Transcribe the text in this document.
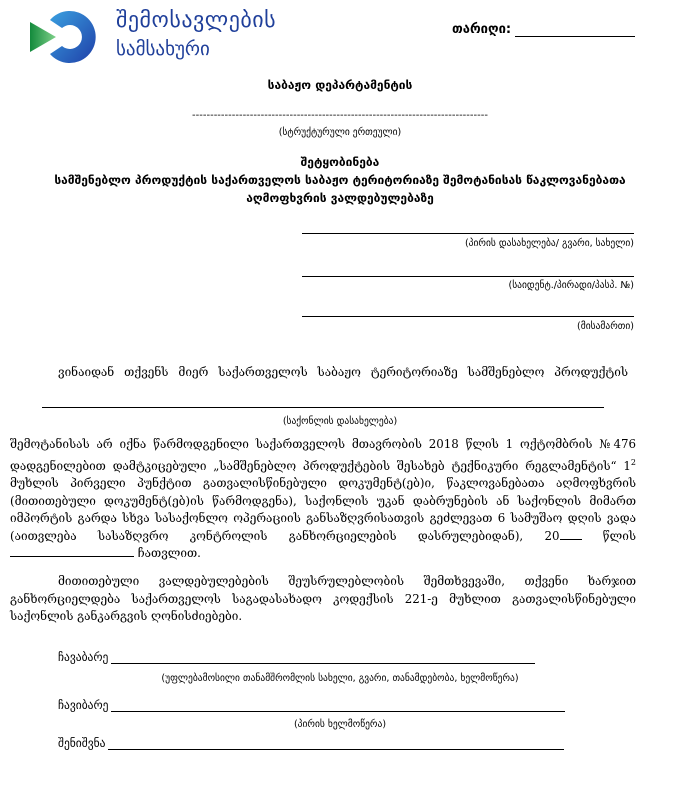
შემოსავლების
სამსახური
თარიღი:
საბაჟო დეპარტამენტის
----------------------------------------------------------------------------------
(სტრუქტურული ერთეული)
შეტყობინება
სამშენებლო პროდუქტის საქართველოს საბაჟო ტერიტორიაზე შემოტანისას წაკლოვანებათა
აღმოფხვრის ვალდებულებაზე
(პირის დასახელება/ გვარი, სახელი)
(საიდენტ./პირადი/პასპ. №)
(მისამართი)
ვინაიდან თქვენს მიერ საქართველოს საბაჟო ტერიტორიაზე სამშენებლო პროდუქტის
(საქონლის დასახელება)
შემოტანისას არ იქნა წარმოდგენილი საქართველოს მთავრობის 2018 წლის 1 ოქტომბრის №476 დადგენილებით დამტკიცებული „სამშენებლო პროდუქტების შესახებ ტექნიკური რეგლამენტის“ $1^2$ მუხლის პირველი პუნქტით გათვალისწინებული დოკუმენტ(ებ)ი, წაკლოვანებათა აღმოფხვრის (მითითებული დოკუმენტ(ებ)ის წარმოდგენა), საქონლის უკან დაბრუნების ან საქონლის მიმართ იმპორტის გარდა სხვა სასაქონლო ოპერაციის განსაზღვრისათვის გეძლევათ 6 სამუშაო დღის ვადა (აითვლება სასაზღვრო კონტროლის განხორციელების დასრულებიდან), 20 წლის  ჩათვლით.
მითითებული ვალდებულებების შეუსრულებლობის შემთხვევაში, თქვენი ხარჯით განხორციელდება საქართველოს საგადასახადო კოდექსის 221-ე მუხლით გათვალისწინებული საქონლის განკარგვის ღონისძიებები.
ჩავაბარე
(უფლებამოსილი თანამშრომლის სახელი, გვარი, თანამდებობა, ხელმოწერა)
ჩავიბარე
(პირის ხელმოწერა)
შენიშვნა
